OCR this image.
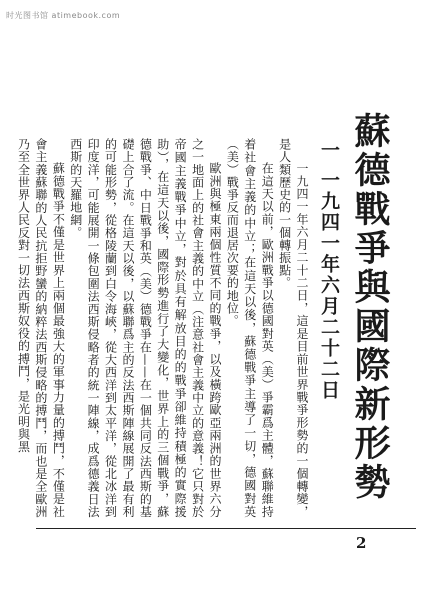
时光图书馆 atimebook.com
蘇德戰爭與國際新形勢
一 一九四一年六月二十二日

一九四一年六月二十二日，這是目前世界戰爭形勢的一個轉變，是人類歷史的一個轉振點。

在這天以前，歐洲戰爭以德國對英（美）爭霸爲主體，蘇聯維持着社會主義的中立；在這天以後，蘇德戰爭主導了一切，德國對英（美）戰爭反而退居次要的地位。

歐洲與極東兩個性質不同的戰爭，以及橫跨歐亞兩洲的世界六分之一地面上的社會主義的中立（注意社會主義中立的意義！它只對於帝國主義戰爭中立，對於具有解放目的的戰爭卻維持積極的實際援助），在這天以後，國際形勢進行了大變化，世界上的三個戰爭，蘇德戰爭、中日戰爭和英（美）德戰爭在——在一個共同反法西斯的基礎上合了流。在這天以後，以蘇聯爲主的反法西斯陣線展開了最有利的可能形勢，從格陵蘭到白令海峽，從大西洋到太平洋，從北冰洋到印度洋，可能展開一條包圍法西斯侵略者的統一陣線，成爲德義日法西斯的天羅地網。

蘇德戰爭不僅是世界上兩個最強大的軍事力量的搏鬥，不僅是社會主義蘇聯的人民抗拒野蠻的納粹法西斯侵略的搏鬥，而也是全歐洲乃至全世界人民反對一切法西斯奴役的搏鬥，是光明與黑

2
